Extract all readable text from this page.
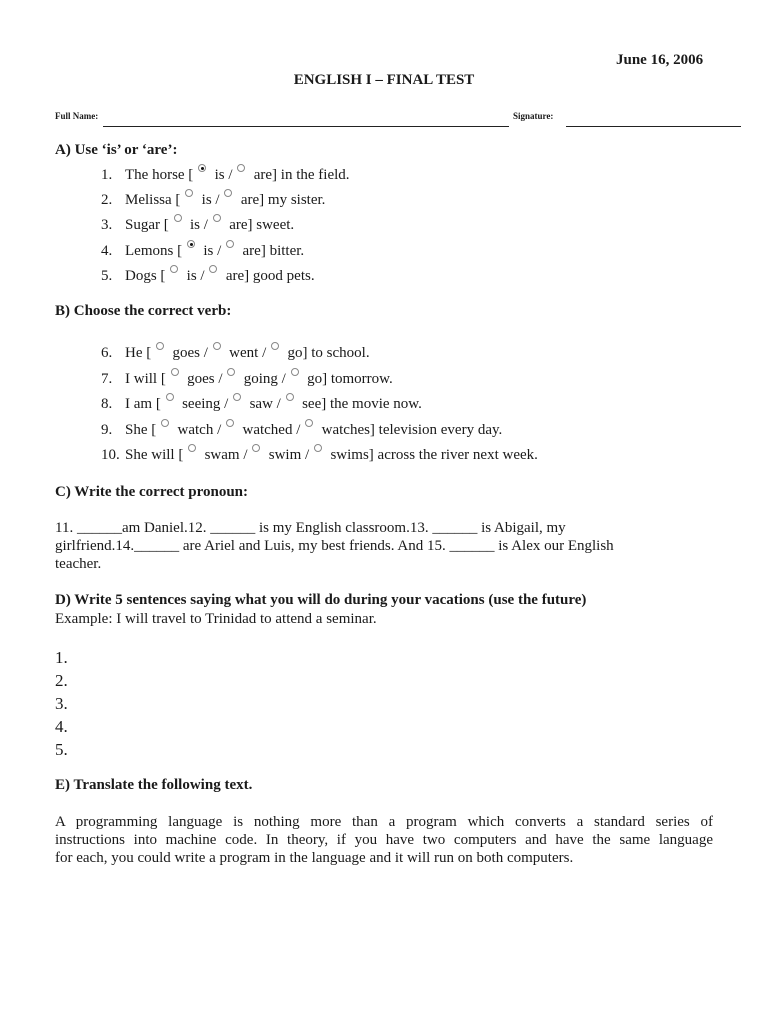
June 16, 2006
ENGLISH I – FINAL TEST
Full Name:	Signature:
A) Use ‘is’ or ‘are’:
1. The horse [ is / are] in the field.
2. Melissa [ is / are] my sister.
3. Sugar [ is / are] sweet.
4. Lemons [ is / are] bitter.
5. Dogs [ is / are] good pets.
B) Choose the correct verb:
6. He [ goes / went / go] to school.
7. I will [ goes / going / go] tomorrow.
8. I am [ seeing / saw / see] the movie now.
9. She [ watch / watched / watches] television every day.
10. She will [ swam / swim / swims] across the river next week.
C) Write the correct pronoun:
11. ______am Daniel.12. ______ is my English classroom.13. ______ is Abigail, my
girlfriend.14.______ are Ariel and Luis, my best friends. And 15. ______ is Alex our English
teacher.
D) Write 5 sentences saying what you will do during your vacations (use the future)
Example: I will travel to Trinidad to attend a seminar.
1.
2.
3.
4.
5.
E) Translate the following text.
A programming language is nothing more than a program which converts a standard series of
instructions into machine code. In theory, if you have two computers and have the same language
for each, you could write a program in the language and it will run on both computers.
